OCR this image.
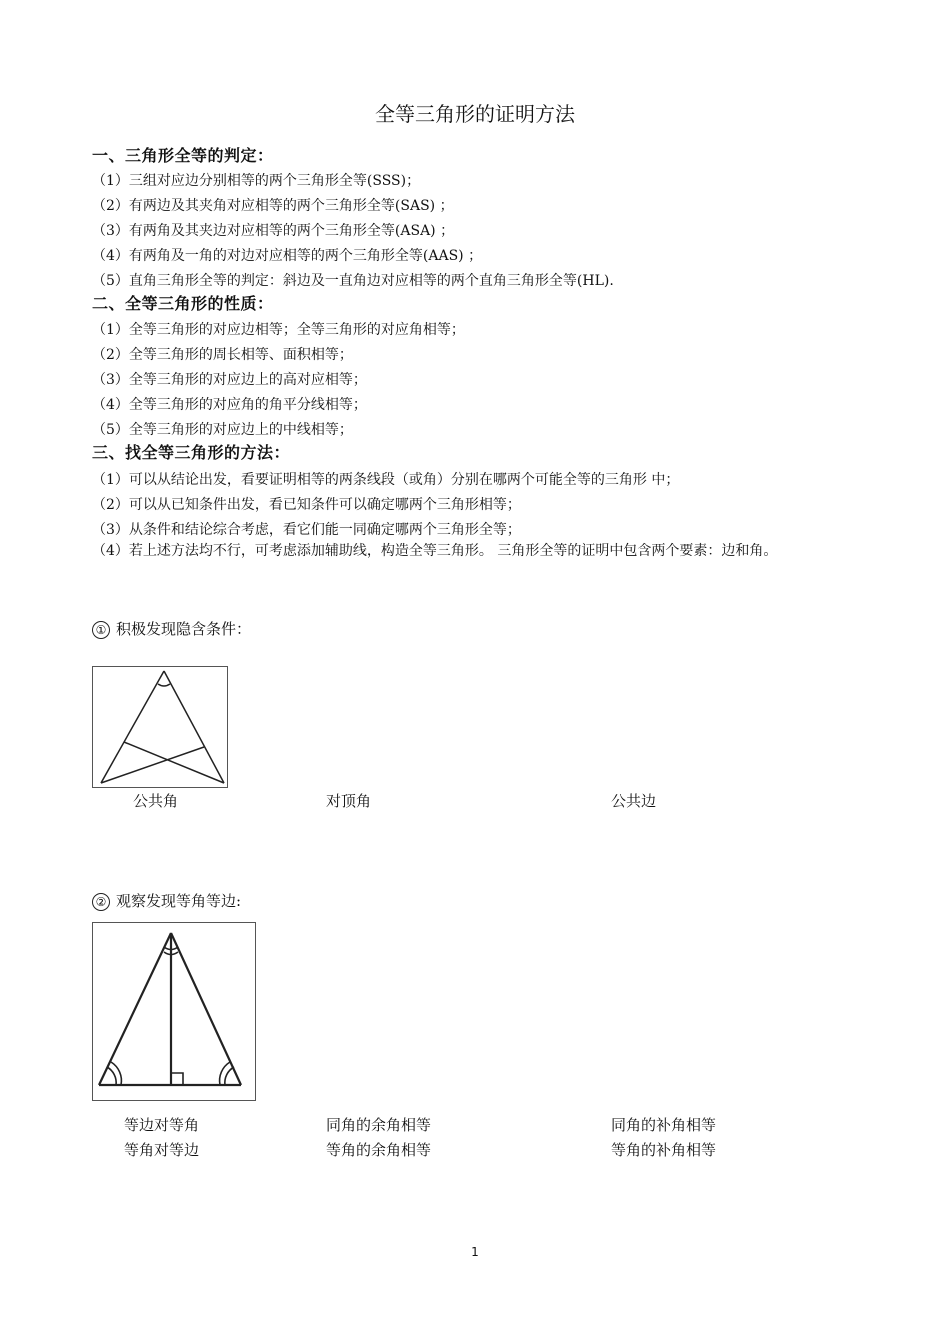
全等三角形的证明方法
一、三角形全等的判定：
（1）三组对应边分别相等的两个三角形全等(SSS)；
（2）有两边及其夹角对应相等的两个三角形全等(SAS) ；
（3）有两角及其夹边对应相等的两个三角形全等(ASA) ；
（4）有两角及一角的对边对应相等的两个三角形全等(AAS) ；
（5）直角三角形全等的判定：斜边及一直角边对应相等的两个直角三角形全等(HL).
二、全等三角形的性质：
（1）全等三角形的对应边相等；全等三角形的对应角相等；
（2）全等三角形的周长相等、面积相等；
（3）全等三角形的对应边上的高对应相等；
（4）全等三角形的对应角的角平分线相等；
（5）全等三角形的对应边上的中线相等；
三、找全等三角形的方法：
（1）可以从结论出发，看要证明相等的两条线段（或角）分别在哪两个可能全等的三角形 中；
（2）可以从已知条件出发，看已知条件可以确定哪两个三角形相等；
（3）从条件和结论综合考虑，看它们能一同确定哪两个三角形全等；
（4）若上述方法均不行，可考虑添加辅助线，构造全等三角形。 三角形全等的证明中包含两个要素：边和角。
① 积极发现隐含条件：
公共角	对顶角	公共边
② 观察发现等角等边:
等边对等角	同角的余角相等	同角的补角相等
等角对等边	等角的余角相等	等角的补角相等
1
